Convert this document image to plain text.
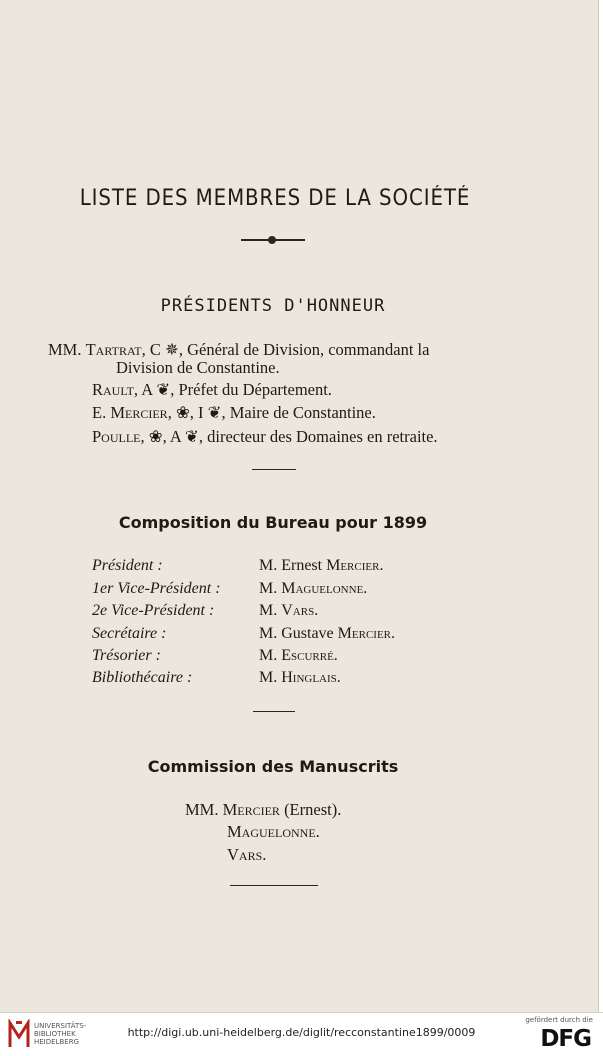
LISTE DES MEMBRES DE LA SOCIÉTÉ
PRÉSIDENTS D'HONNEUR
MM. Tartrat, C ✵, Général de Division, commandant la
Division de Constantine.
Rault, A ❦, Préfet du Département.
E. Mercier, ❀, I ❦, Maire de Constantine.
Poulle, ❀, A ❦, directeur des Domaines en retraite.
Composition du Bureau pour 1899
Président :	M. Ernest Mercier.
1er Vice-Président : M. Maguelonne.
2e Vice-Président :	M. Vars.
Secrétaire :	M. Gustave Mercier.
Trésorier :	M. Escurré.
Bibliothécaire :	M. Hinglais.
Commission des Manuscrits
MM. Mercier (Ernest).
Maguelonne.
Vars.
UNIVERSITÄTS-
BIBLIOTHEK
HEIDELBERG
http://digi.ub.uni-heidelberg.de/diglit/recconstantine1899/0009
gefördert durch die
DFG
